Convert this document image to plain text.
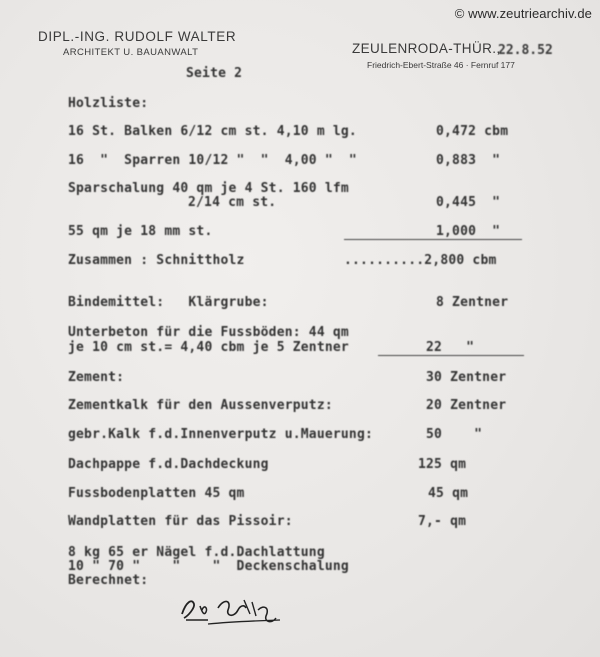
© www.zeutriearchiv.de
DIPL.-ING. RUDOLF WALTER
ARCHITEKT U. BAUANWALT	ZEULENRODA-THÜR.,
22.8.52
Friedrich-Ebert-Straße 46 · Fernruf 177
Seite 2
Holzliste:
16 St. Balken 6/12 cm st. 4,10 m lg.	0,472 cbm
16  "  Sparren 10/12 "  "  4,00 "  "	0,883  "
Sparschalung 40 qm je 4 St. 160 lfm
2/14 cm st.	0,445  "
55 qm je 18 mm st.	1,000  "
Zusammen : Schnittholz	..........2,800 cbm
Bindemittel:   Klärgrube:	8 Zentner
Unterbeton für die Fussböden: 44 qm
je 10 cm st.= 4,40 cbm je 5 Zentner	22   "
Zement:	30 Zentner
Zementkalk für den Aussenverputz:	20 Zentner
gebr.Kalk f.d.Innenverputz u.Mauerung:	50    "
Dachpappe f.d.Dachdeckung	125 qm
Fussbodenplatten 45 qm	45 qm
Wandplatten für das Pissoir:	7,- qm
8 kg 65 er Nägel f.d.Dachlattung
10 " 70 "    "    "  Deckenschalung
Berechnet:
